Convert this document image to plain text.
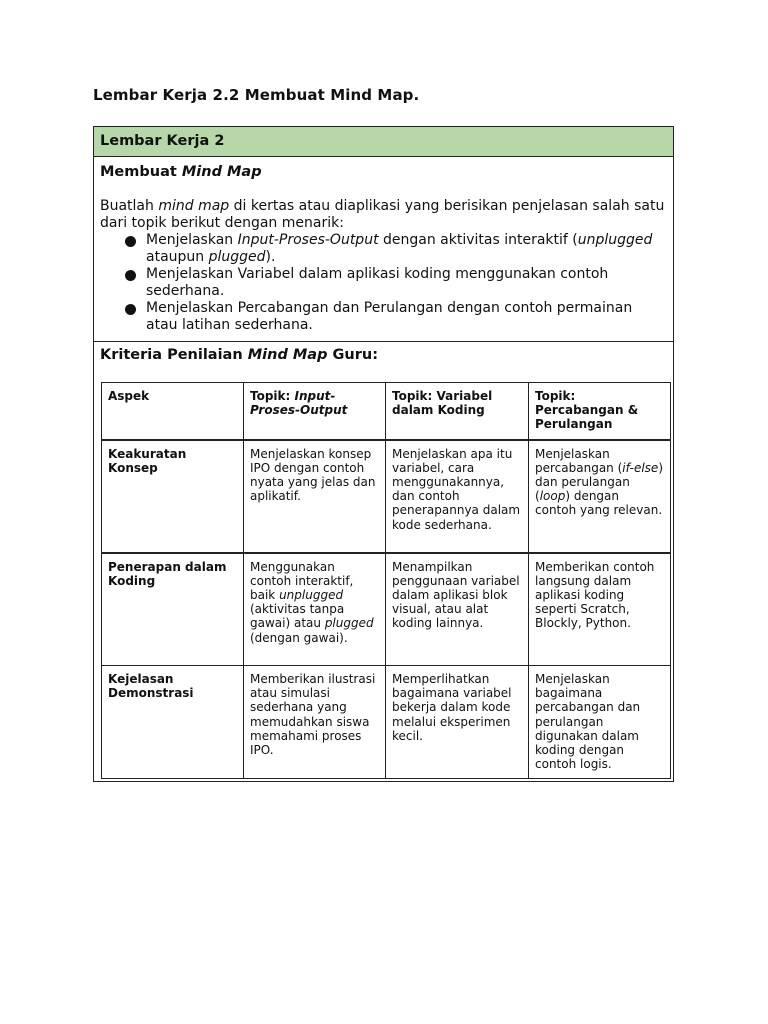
Lembar Kerja 2.2 Membuat Mind Map.
Lembar Kerja 2
Membuat Mind Map
Buatlah mind map di kertas atau diaplikasi yang berisikan penjelasan salah satu dari topik berikut dengan menarik:
Menjelaskan Input-Proses-Output dengan aktivitas interaktif (unplugged ataupun plugged).
Menjelaskan Variabel dalam aplikasi koding menggunakan contoh sederhana.
Menjelaskan Percabangan dan Perulangan dengan contoh permainan atau latihan sederhana.
Kriteria Penilaian Mind Map Guru:
Aspek	Topik: Input-Proses-Output	Topik: Variabel dalam Koding	Topik: Percabangan & Perulangan
Keakuratan Konsep	Menjelaskan konsep IPO dengan contoh nyata yang jelas dan aplikatif.	Menjelaskan apa itu variabel, cara menggunakannya, dan contoh penerapannya dalam kode sederhana.	Menjelaskan percabangan (if-else) dan perulangan (loop) dengan contoh yang relevan.
Penerapan dalam Koding	Menggunakan contoh interaktif, baik unplugged (aktivitas tanpa gawai) atau plugged (dengan gawai).	Menampilkan penggunaan variabel dalam aplikasi blok visual, atau alat koding lainnya.	Memberikan contoh langsung dalam aplikasi koding seperti Scratch, Blockly, Python.
Kejelasan Demonstrasi	Memberikan ilustrasi atau simulasi sederhana yang memudahkan siswa memahami proses IPO.	Memperlihatkan bagaimana variabel bekerja dalam kode melalui eksperimen kecil.	Menjelaskan bagaimana percabangan dan perulangan digunakan dalam koding dengan contoh logis.
